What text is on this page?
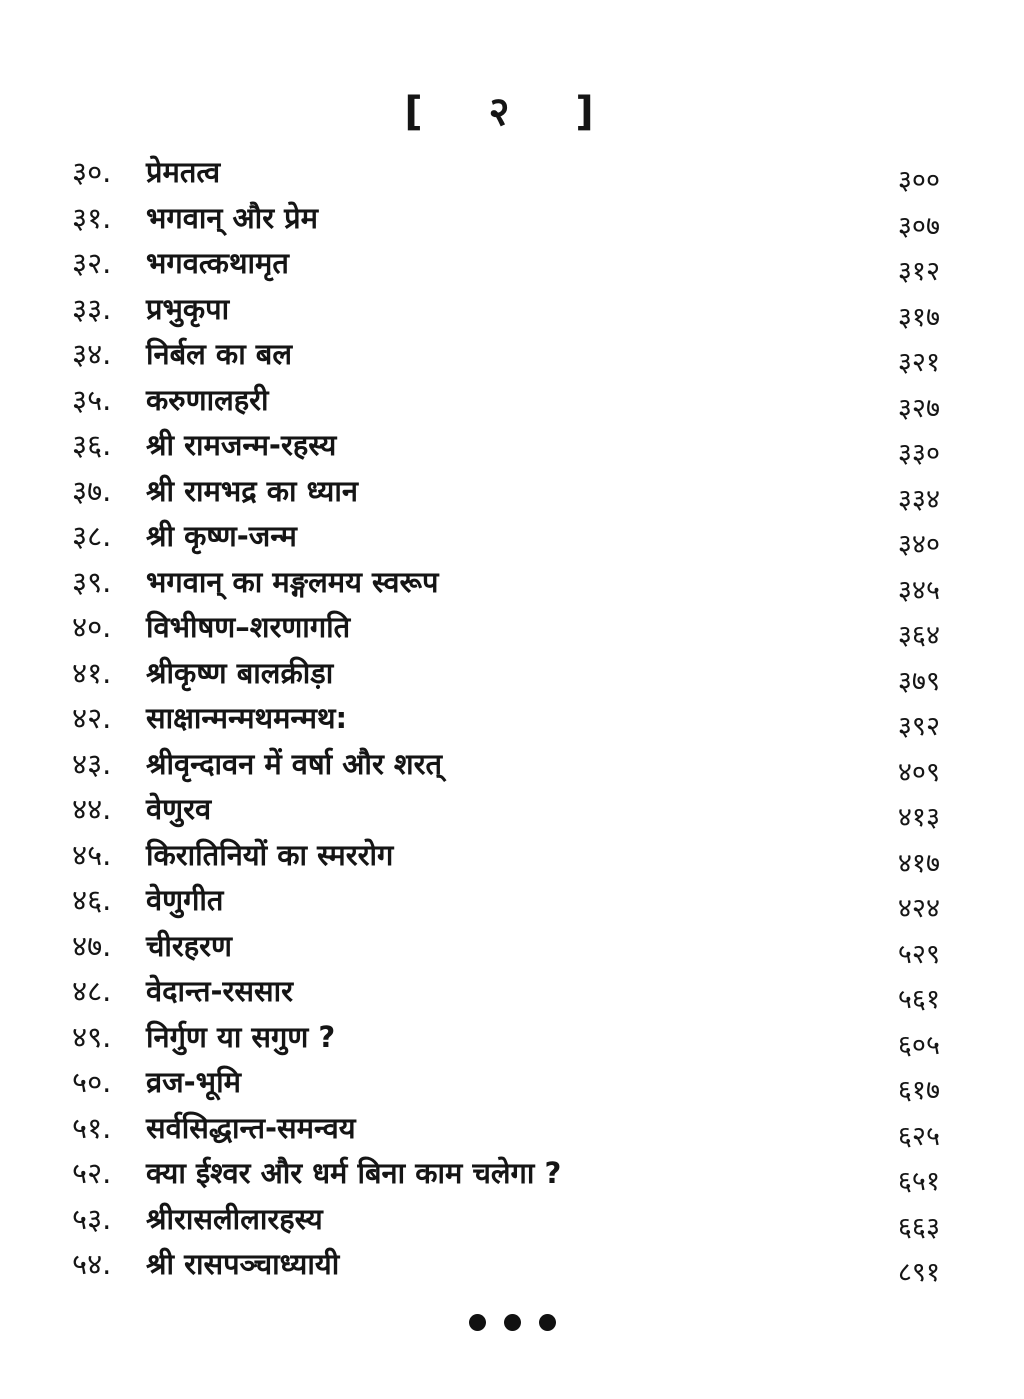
[ २ ]
३०.	प्रेमतत्व	३००
३१.	भगवान् और प्रेम	३०७
३२.	भगवत्कथामृत	३१२
३३.	प्रभुकृपा	३१७
३४.	निर्बल का बल	३२१
३५.	करुणालहरी	३२७
३६.	श्री रामजन्म-रहस्य	३३०
३७.	श्री रामभद्र का ध्यान	३३४
३८.	श्री कृष्ण-जन्म	३४०
३९.	भगवान् का मङ्गलमय स्वरूप	३४५
४०.	विभीषण–शरणागति	३६४
४१.	श्रीकृष्ण बालक्रीड़ा	३७९
४२.	साक्षान्मन्मथमन्मथ:	३९२
४३.	श्रीवृन्दावन में वर्षा और शरत्	४०९
४४.	वेणुरव	४१३
४५.	किरातिनियों का स्मररोग	४१७
४६.	वेणुगीत	४२४
४७.	चीरहरण	५२९
४८.	वेदान्त-रससार	५६१
४९.	निर्गुण या सगुण ?	६०५
५०.	व्रज-भूमि	६१७
५१.	सर्वसिद्धान्त-समन्वय	६२५
५२.	क्या ईश्वर और धर्म बिना काम चलेगा ?	६५१
५३.	श्रीरासलीलारहस्य	६६३
५४.	श्री रासपञ्चाध्यायी	८९१
